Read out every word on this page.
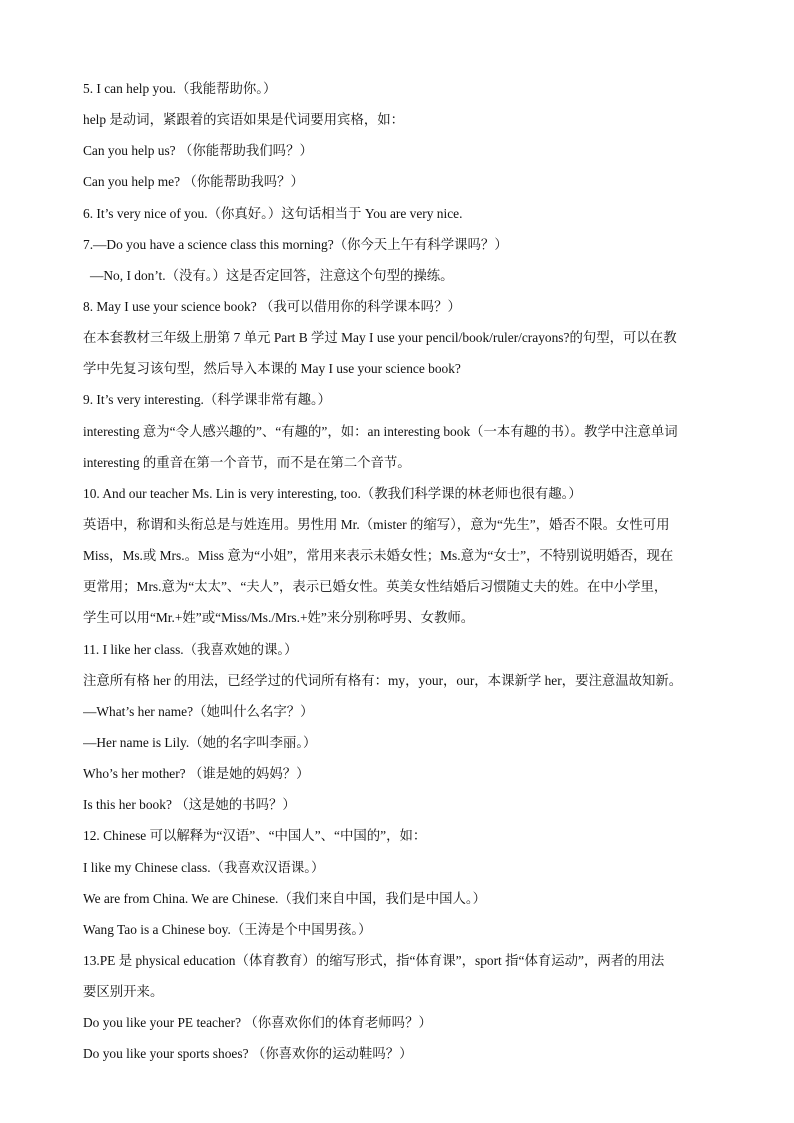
5. I can help you.（我能帮助你。）
help 是动词，紧跟着的宾语如果是代词要用宾格，如：
Can you help us? （你能帮助我们吗？）
Can you help me? （你能帮助我吗？）
6. It’s very nice of you.（你真好。）这句话相当于 You are very nice.
7.—Do you have a science class this morning?（你今天上午有科学课吗？）
—No, I don’t.（没有。）这是否定回答，注意这个句型的操练。
8. May I use your science book? （我可以借用你的科学课本吗？）
在本套教材三年级上册第 7 单元 Part B 学过 May I use your pencil/book/ruler/crayons?的句型，可以在教
学中先复习该句型，然后导入本课的 May I use your science book?
9. It’s very interesting.（科学课非常有趣。）
interesting 意为“令人感兴趣的”、“有趣的”，如：an interesting book（一本有趣的书）。教学中注意单词
interesting 的重音在第一个音节，而不是在第二个音节。
10. And our teacher Ms. Lin is very interesting, too.（教我们科学课的林老师也很有趣。）
英语中，称谓和头衔总是与姓连用。男性用 Mr.（mister 的缩写），意为“先生”，婚否不限。女性可用
Miss，Ms.或 Mrs.。Miss 意为“小姐”，常用来表示未婚女性；Ms.意为“女士”，不特别说明婚否，现在
更常用；Mrs.意为“太太”、“夫人”，表示已婚女性。英美女性结婚后习惯随丈夫的姓。在中小学里，
学生可以用“Mr.+姓”或“Miss/Ms./Mrs.+姓”来分别称呼男、女教师。
11. I like her class.（我喜欢她的课。）
注意所有格 her 的用法，已经学过的代词所有格有：my，your，our，本课新学 her，要注意温故知新。
—What’s her name?（她叫什么名字？）
—Her name is Lily.（她的名字叫李丽。）
Who’s her mother? （谁是她的妈妈？）
Is this her book? （这是她的书吗？）
12. Chinese 可以解释为“汉语”、“中国人”、“中国的”，如：
I like my Chinese class.（我喜欢汉语课。）
We are from China. We are Chinese.（我们来自中国，我们是中国人。）
Wang Tao is a Chinese boy.（王涛是个中国男孩。）
13.PE 是 physical education（体育教育）的缩写形式，指“体育课”，sport 指“体育运动”，两者的用法
要区别开来。
Do you like your PE teacher? （你喜欢你们的体育老师吗？）
Do you like your sports shoes? （你喜欢你的运动鞋吗？）
